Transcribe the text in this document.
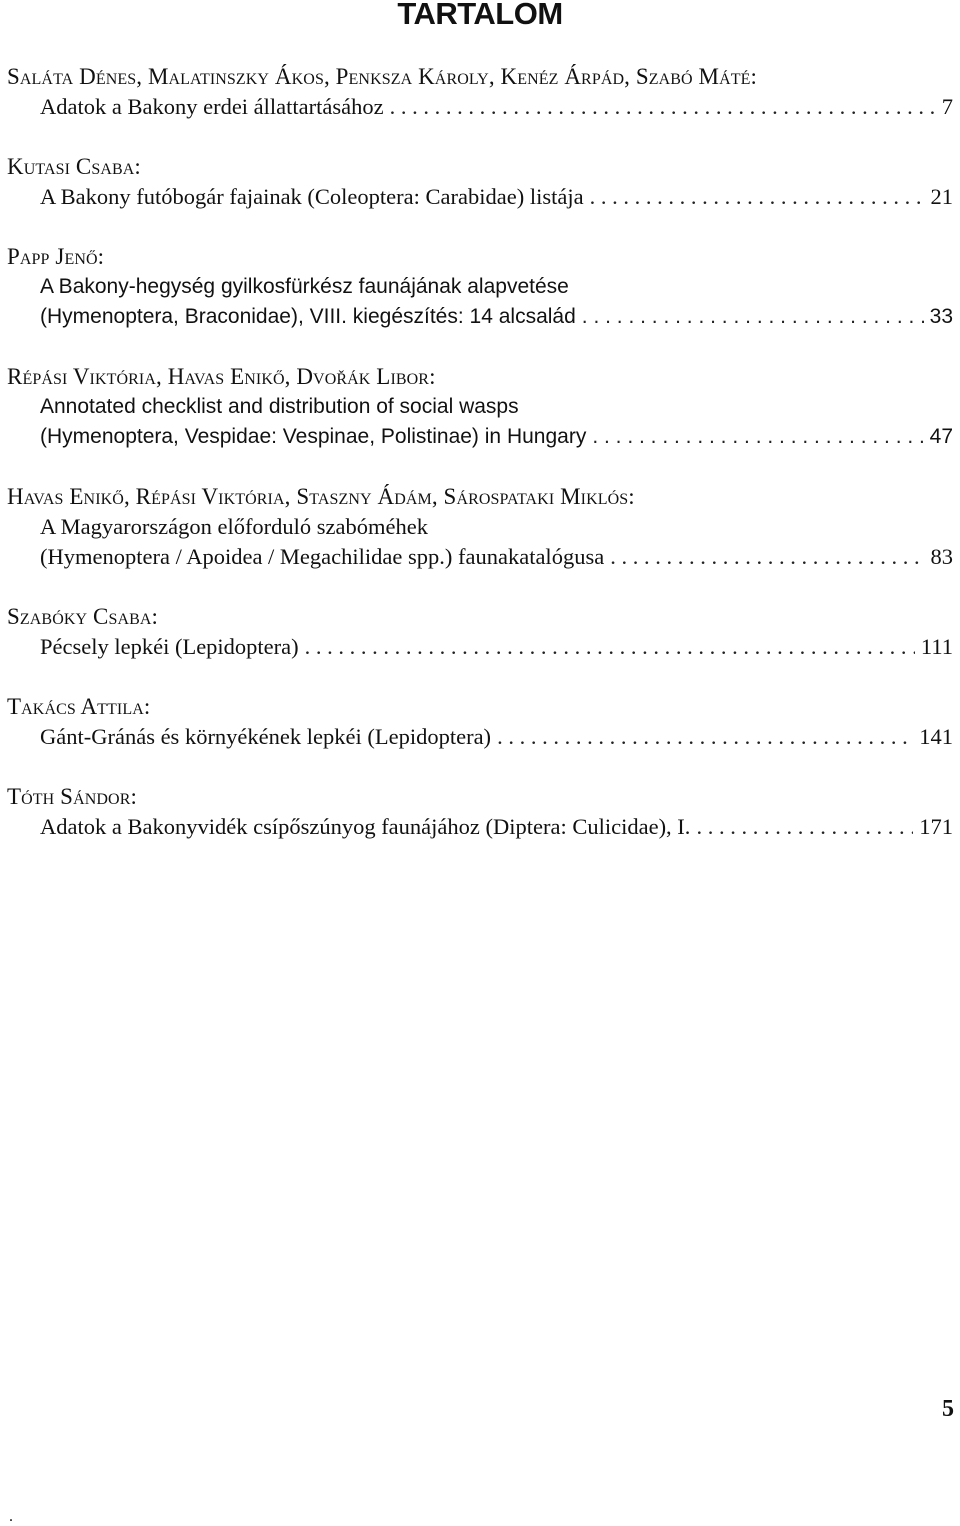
TARTALOM
Saláta Dénes, Malatinszky Ákos, Penksza Károly, Kenéz Árpád, Szabó Máté:
Adatok a Bakony erdei állattartásához . . .	7
Kutasi Csaba:
A Bakony futóbogár fajainak (Coleoptera: Carabidae) listája . . .	21
Papp Jenő:
A Bakony-hegység gyilkosfürkész faunájának alapvetése
(Hymenoptera, Braconidae), VIII. kiegészítés: 14 alcsalád . . .	33
Répási Viktória, Havas Enikő, Dvořák Libor:
Annotated checklist and distribution of social wasps
(Hymenoptera, Vespidae: Vespinae, Polistinae) in Hungary . . .	47
Havas Enikő, Répási Viktória, Staszny Ádám, Sárospataki Miklós:
A Magyarországon előforduló szabóméhek
(Hymenoptera / Apoidea / Megachilidae spp.) faunakatalógusa . . .	83
Szabóky Csaba:
Pécsely lepkéi (Lepidoptera) . . .	111
Takács Attila:
Gánt-Gránás és környékének lepkéi (Lepidoptera) . . .	141
Tóth Sándor:
Adatok a Bakonyvidék csípőszúnyog faunájához (Diptera: Culicidae), I. . . .	171
5
.
